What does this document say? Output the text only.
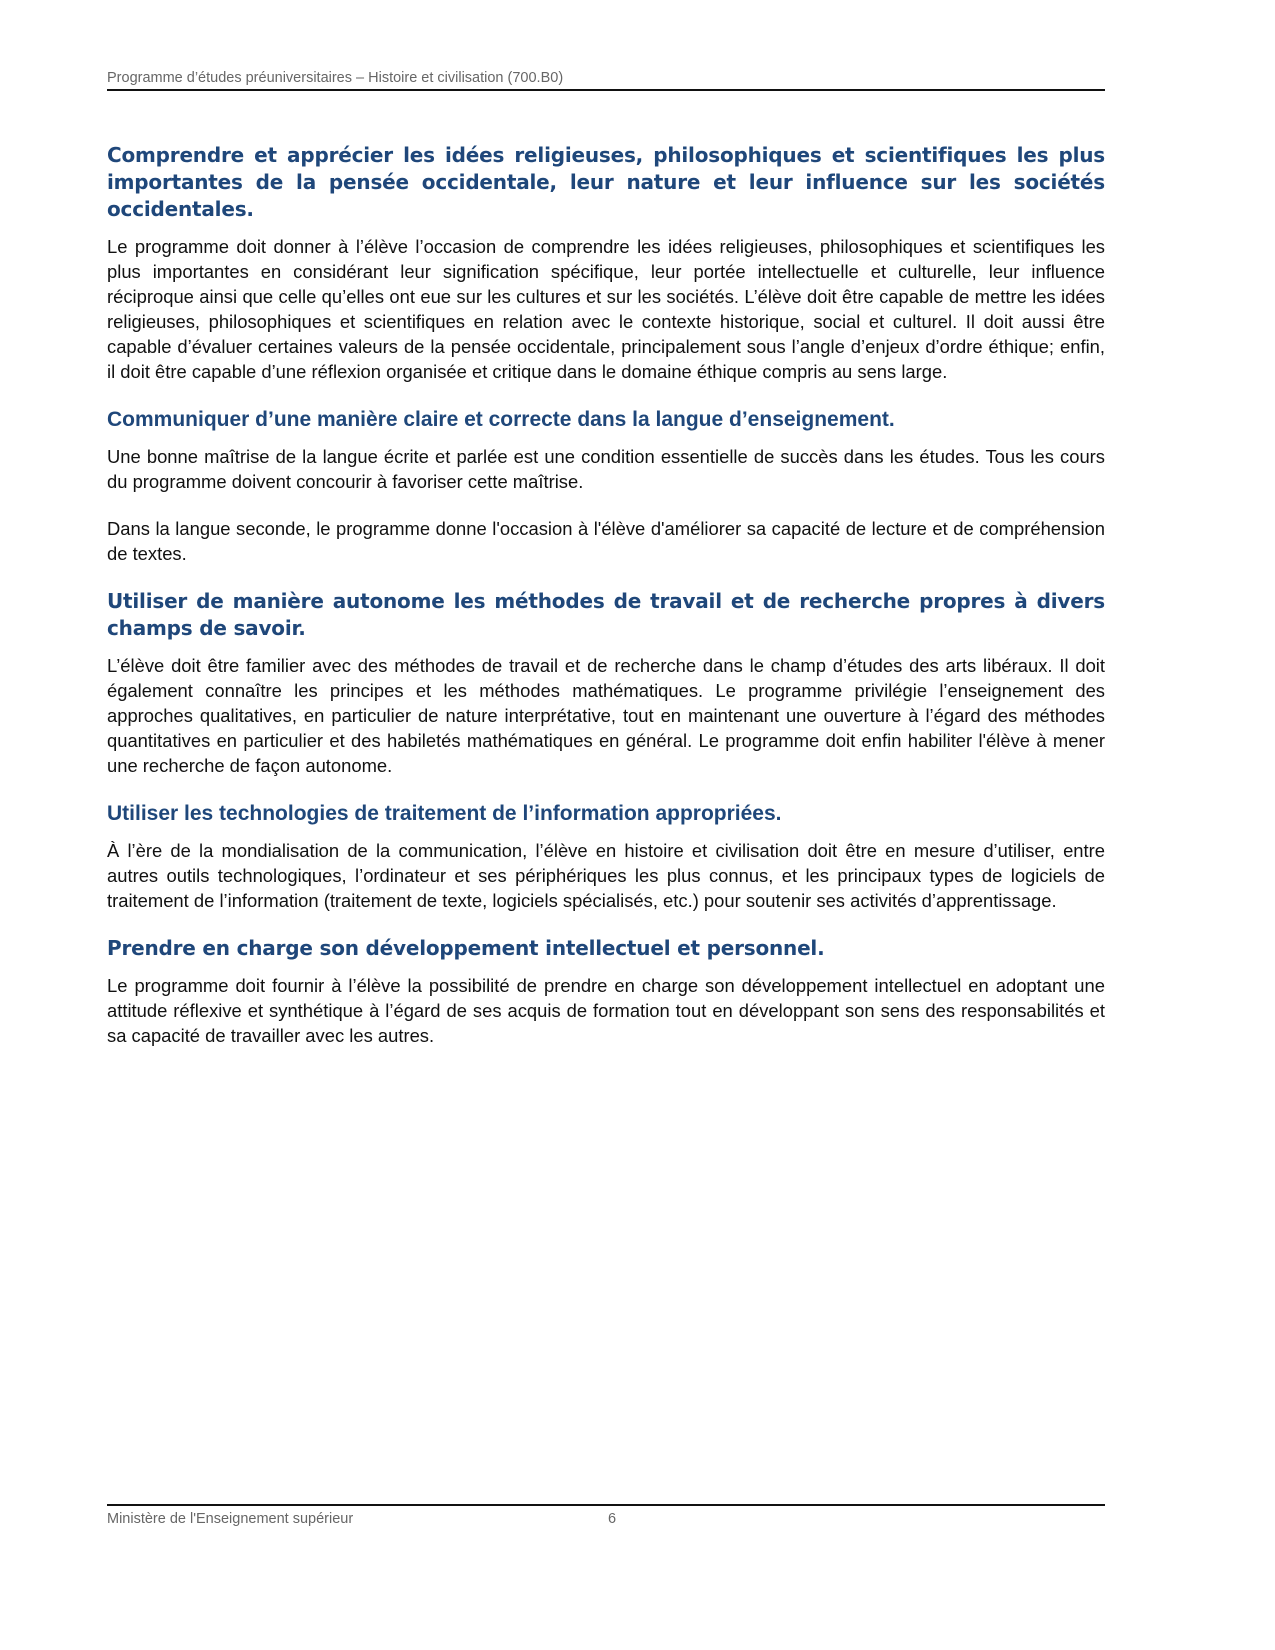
Programme d’études préuniversitaires – Histoire et civilisation (700.B0)
Comprendre et apprécier les idées religieuses, philosophiques et scientifiques les plus importantes de la pensée occidentale, leur nature et leur influence sur les sociétés occidentales.

Le programme doit donner à l’élève l’occasion de comprendre les idées religieuses, philosophiques et scientifiques les plus importantes en considérant leur signification spécifique, leur portée intellectuelle et culturelle, leur influence réciproque ainsi que celle qu’elles ont eue sur les cultures et sur les sociétés. L’élève doit être capable de mettre les idées religieuses, philosophiques et scientifiques en relation avec le contexte historique, social et culturel. Il doit aussi être capable d’évaluer certaines valeurs de la pensée occidentale, principalement sous l’angle d’enjeux d’ordre éthique; enfin, il doit être capable d’une réflexion organisée et critique dans le domaine éthique compris au sens large.

Communiquer d’une manière claire et correcte dans la langue d’enseignement.

Une bonne maîtrise de la langue écrite et parlée est une condition essentielle de succès dans les études. Tous les cours du programme doivent concourir à favoriser cette maîtrise.

Dans la langue seconde, le programme donne l'occasion à l'élève d'améliorer sa capacité de lecture et de compréhension de textes.

Utiliser de manière autonome les méthodes de travail et de recherche propres à divers champs de savoir.

L’élève doit être familier avec des méthodes de travail et de recherche dans le champ d’études des arts libéraux. Il doit également connaître les principes et les méthodes mathématiques. Le programme privilégie l’enseignement des approches qualitatives, en particulier de nature interprétative, tout en maintenant une ouverture à l’égard des méthodes quantitatives en particulier et des habiletés mathématiques en général. Le programme doit enfin habiliter l'élève à mener une recherche de façon autonome.

Utiliser les technologies de traitement de l’information appropriées.

À l’ère de la mondialisation de la communication, l’élève en histoire et civilisation doit être en mesure d’utiliser, entre autres outils technologiques, l’ordinateur et ses périphériques les plus connus, et les principaux types de logiciels de traitement de l’information (traitement de texte, logiciels spécialisés, etc.) pour soutenir ses activités d’apprentissage.

Prendre en charge son développement intellectuel et personnel.

Le programme doit fournir à l’élève la possibilité de prendre en charge son développement intellectuel en adoptant une attitude réflexive et synthétique à l’égard de ses acquis de formation tout en développant son sens des responsabilités et sa capacité de travailler avec les autres.

Ministère de l'Enseignement supérieur	6
